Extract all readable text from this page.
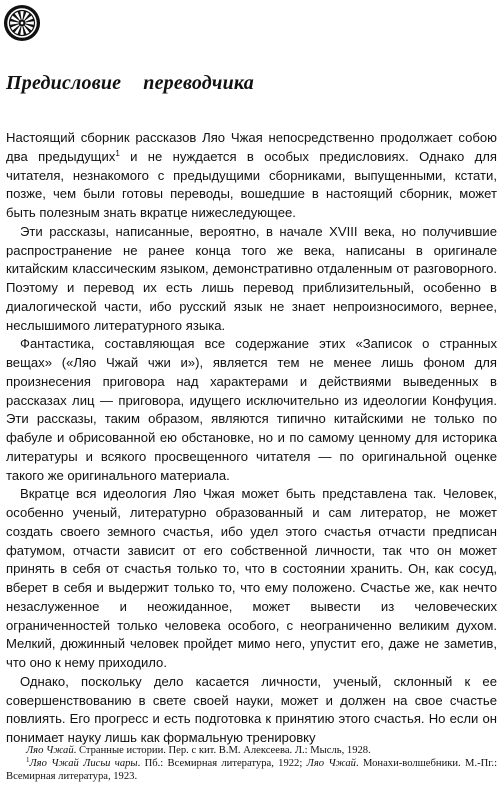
Предисловие переводчика

Настоящий сборник рассказов Ляо Чжая непосредственно продолжает собою два предыдущих$^1$ и не нуждается в особых предисловиях. Однако для читателя, незнакомого с предыдущими сборниками, выпущенными, кстати, позже, чем были готовы переводы, вошедшие в настоящий сборник, может быть полезным знать вкратце нижеследующее.

Эти рассказы, написанные, вероятно, в начале XVIII века, но получившие распространение не ранее конца того же века, написаны в оригинале китайским классическим языком, демонстративно отдаленным от разговорного. Поэтому и перевод их есть лишь перевод приблизительный, особенно в диалогической части, ибо русский язык не знает непроизносимого, вернее, неслышимого литературного языка.

Фантастика, составляющая все содержание этих «Записок о странных вещах» («Ляо Чжай чжи и»), является тем не менее лишь фоном для произнесения приговора над характерами и действиями выведенных в рассказах лиц — приговора, идущего исключительно из идеологии Конфуция. Эти рассказы, таким образом, являются типично китайскими не только по фабуле и обрисованной ею обстановке, но и по самому ценному для историка литературы и всякого просвещенного читателя — по оригинальной оценке такого же оригинального материала.

Вкратце вся идеология Ляо Чжая может быть представлена так. Человек, особенно ученый, литературно образованный и сам литератор, не может создать своего земного счастья, ибо удел этого счастья отчасти предписан фатумом, отчасти зависит от его собственной личности, так что он может принять в себя от счастья только то, что в состоянии хранить. Он, как сосуд, вберет в себя и выдержит только то, что ему положено. Счастье же, как нечто незаслуженное и неожиданное, может вывести из человеческих ограниченностей только человека особого, с неограниченно великим духом. Мелкий, дюжинный человек пройдет мимо него, упустит его, даже не заметив, что оно к нему приходило.

Однако, поскольку дело касается личности, ученый, склонный к ее совершенствованию в свете своей науки, может и должен на свое счастье повлиять. Его прогресс и есть подготовка к принятию этого счастья. Но если он понимает науку лишь как формальную тренировку

Ляо Чжай. Странные истории. Пер. с кит. В.М. Алексеева. Л.: Мысль, 1928.

$^1$Ляо Чжай Лисьи чары. Пб.: Всемирная литература, 1922; Ляо Чжай. Монахи-волшебники. М.-Пг.: Всемирная литература, 1923.
